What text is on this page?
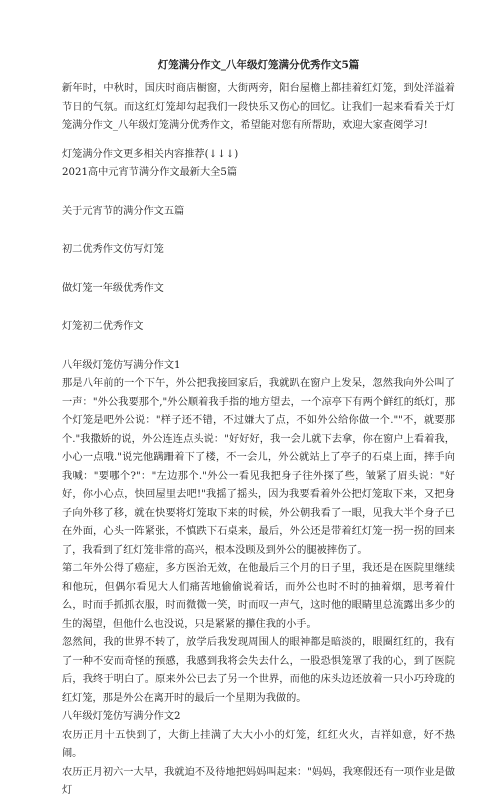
灯笼满分作文_八年级灯笼满分优秀作文5篇

新年时，中秋时，国庆时商店橱窗，大街两旁，阳台屋檐上都挂着红灯笼，到处洋溢着节日的气氛。而这红灯笼却勾起我们一段快乐又伤心的回忆。让我们一起来看看关于灯笼满分作文_八年级灯笼满分优秀作文，希望能对您有所帮助，欢迎大家查阅学习!

灯笼满分作文更多相关内容推荐(↓↓↓)

2021高中元宵节满分作文最新大全5篇

关于元宵节的满分作文五篇

初二优秀作文仿写灯笼

做灯笼一年级优秀作文

灯笼初二优秀作文

八年级灯笼仿写满分作文1

那是八年前的一个下午，外公把我接回家后，我就趴在窗户上发呆，忽然我向外公叫了一声："外公我要那个,"外公顺着我手指的地方望去，一个凉亭下有两个鲜红的纸灯，那个灯笼是吧外公说："样子还不错，不过嫌大了点，不如外公给你做一个.""不，就要那个."我撒娇的说，外公连连点头说："好好好，我一会儿就下去拿，你在窗户上看着我，小心一点哦."说完他蹒跚着下了楼，不一会儿，外公就站上了亭子的石桌上面，摔手向我喊："要哪个?"："左边那个."外公一看见我把身子往外探了些，皱紧了眉头说："好好，你小心点，快回屋里去吧!"我摇了摇头，因为我要看着外公把灯笼取下来，又把身子向外移了移，就在快要将灯笼取下来的时候，外公朝我看了一眼，见我大半个身子已在外面，心头一阵紧张，不慎跌下石桌来，最后，外公还是带着红灯笼一拐一拐的回来了，我看到了红灯笼非常的高兴，根本没顾及到外公的腿被摔伤了。

第二年外公得了癌症，多方医治无效，在他最后三个月的日子里，我还是在医院里继续和他玩，但偶尔看见大人们痛苦地偷偷说着话，而外公也时不时的抽着烟，思考着什么，时而手抓抓衣服，时而微微一笑，时而叹一声气，这时他的眼睛里总流露出多少的生的渴望，但他什么也没说，只是紧紧的攥住我的小手。

忽然间，我的世界不转了，放学后我发现周围人的眼神都是暗淡的，眼圈红红的，我有了一种不安而奇怪的预感，我感到我将会失去什么，一股恐惧笼罩了我的心，到了医院后，我终于明白了。原来外公已去了另一个世界，而他的床头边还放着一只小巧玲珑的红灯笼，那是外公在离开时的最后一个星期为我做的。

八年级灯笼仿写满分作文2

农历正月十五快到了，大街上挂满了大大小小的灯笼，红红火火，吉祥如意，好不热闹。

农历正月初六一大早，我就迫不及待地把妈妈叫起来："妈妈，我寒假还有一项作业是做灯
